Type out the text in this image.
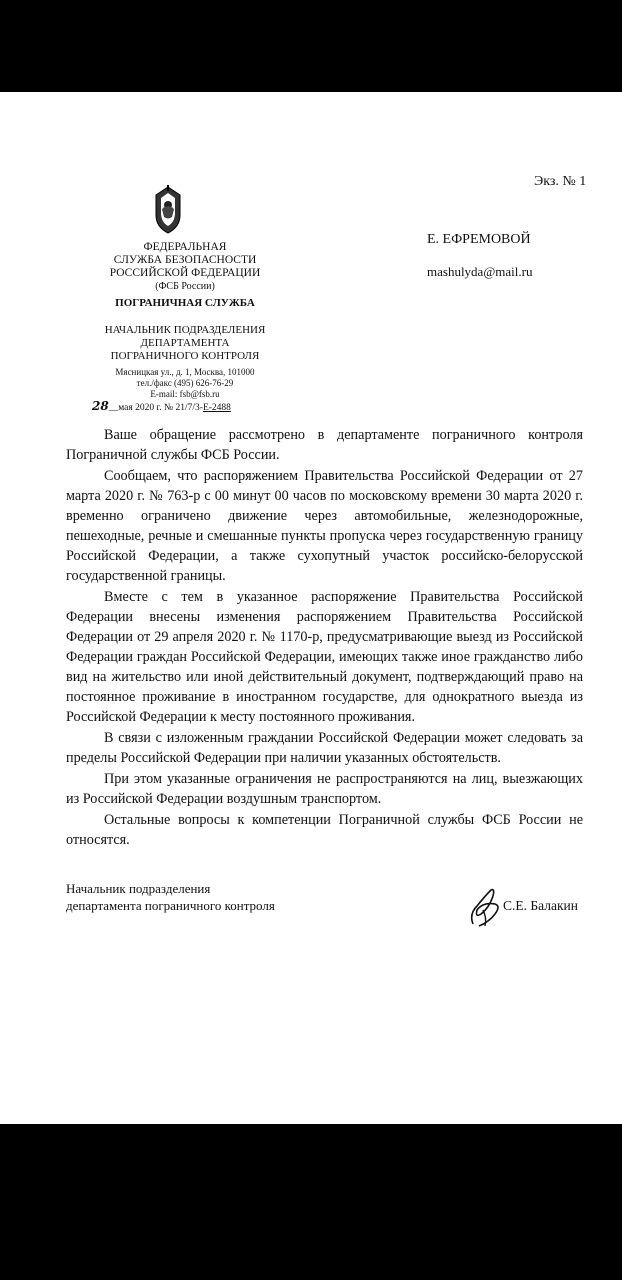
Экз. № 1
ФЕДЕРАЛЬНАЯ
СЛУЖБА БЕЗОПАСНОСТИ
РОССИЙСКОЙ ФЕДЕРАЦИИ
(ФСБ России)
ПОГРАНИЧНАЯ СЛУЖБА
НАЧАЛЬНИК ПОДРАЗДЕЛЕНИЯ
ДЕПАРТАМЕНТА
ПОГРАНИЧНОГО КОНТРОЛЯ
Мясницкая ул., д. 1, Москва, 101000
тел./факс (495) 626-76-29
E-mail: fsb@fsb.ru
28__мая 2020 г. № 21/7/3-Е-2488
Е. ЕФРЕМОВОЙ
mashulyda@mail.ru

Ваше обращение рассмотрено в департаменте пограничного контроля Пограничной службы ФСБ России.

Сообщаем, что распоряжением Правительства Российской Федерации от 27 марта 2020 г. № 763-р с 00 минут 00 часов по московскому времени 30 марта 2020 г. временно ограничено движение через автомобильные, железнодорожные, пешеходные, речные и смешанные пункты пропуска через государственную границу Российской Федерации, а также сухопутный участок российско-белорусской государственной границы.

Вместе с тем в указанное распоряжение Правительства Российской Федерации внесены изменения распоряжением Правительства Российской Федерации от 29 апреля 2020 г. № 1170-р, предусматривающие выезд из Российской Федерации граждан Российской Федерации, имеющих также иное гражданство либо вид на жительство или иной действительный документ, подтверждающий право на постоянное проживание в иностранном государстве, для однократного выезда из Российской Федерации к месту постоянного проживания.

В связи с изложенным граждании Российской Федерации может следовать за пределы Российской Федерации при наличии указанных обстоятельств.

При этом указанные ограничения не распространяются на лиц, выезжающих из Российской Федерации воздушным транспортом.

Остальные вопросы к компетенции Пограничной службы ФСБ России не относятся.

Начальник подразделения
департамента пограничного контроля	С.Е. Балакин
